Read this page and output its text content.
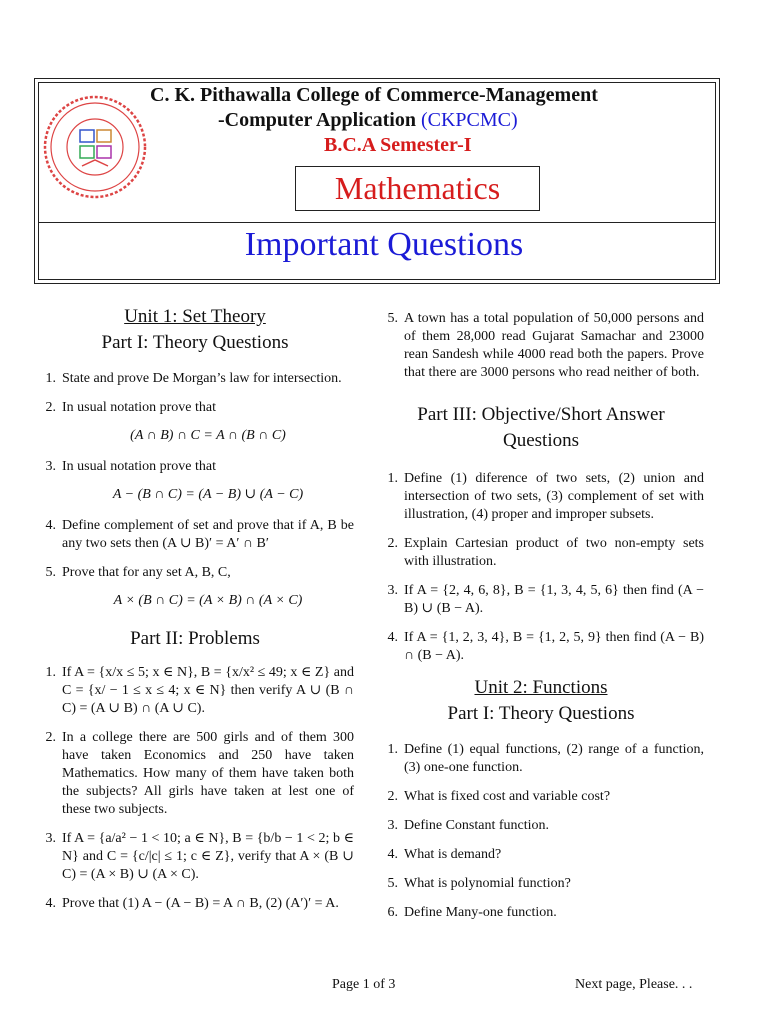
C. K. Pithawalla College of Commerce-Management
-Computer Application (CKPCMC)
B.C.A Semester-I
Mathematics
Important Questions
Unit 1: Set Theory
Part I: Theory Questions
1. State and prove De Morgan’s law for intersection.
2. In usual notation prove that
(A ∩ B) ∩ C = A ∩ (B ∩ C)
3. In usual notation prove that
A − (B ∩ C) = (A − B) ∪ (A − C)
4. Define complement of set and prove that if A, B be any two sets then (A ∪ B)′ = A′ ∩ B′
5. Prove that for any set A, B, C,
A × (B ∩ C) = (A × B) ∩ (A × C)
Part II: Problems
1. If A = {x/x ≤ 5; x ∈ N}, B = {x/x² ≤ 49; x ∈ Z} and C = {x/ − 1 ≤ x ≤ 4; x ∈ N} then verify A ∪ (B ∩ C) = (A ∪ B) ∩ (A ∪ C).
2. In a college there are 500 girls and of them 300 have taken Economics and 250 have taken Mathematics. How many of them have taken both the subjects? All girls have taken at lest one of these two subjects.
3. If A = {a/a² − 1 < 10; a ∈ N}, B = {b/b − 1 < 2; b ∈ N} and C = {c/|c| ≤ 1; c ∈ Z}, verify that A × (B ∪ C) = (A × B) ∪ (A × C).
4. Prove that (1) A − (A − B) = A ∩ B, (2) (A′)′ = A.
5. A town has a total population of 50,000 persons and of them 28,000 read Gujarat Samachar and 23000 rean Sandesh while 4000 read both the papers. Prove that there are 3000 persons who read neither of both.
Part III: Objective/Short Answer Questions
1. Define (1) diference of two sets, (2) union and intersection of two sets, (3) complement of set with illustration, (4) proper and improper subsets.
2. Explain Cartesian product of two non-empty sets with illustration.
3. If A = {2, 4, 6, 8}, B = {1, 3, 4, 5, 6} then find (A − B) ∪ (B − A).
4. If A = {1, 2, 3, 4}, B = {1, 2, 5, 9} then find (A − B) ∩ (B − A).
Unit 2: Functions
Part I: Theory Questions
1. Define (1) equal functions, (2) range of a function, (3) one-one function.
2. What is fixed cost and variable cost?
3. Define Constant function.
4. What is demand?
5. What is polynomial function?
6. Define Many-one function.
Page 1 of 3	Next page, Please. . .
